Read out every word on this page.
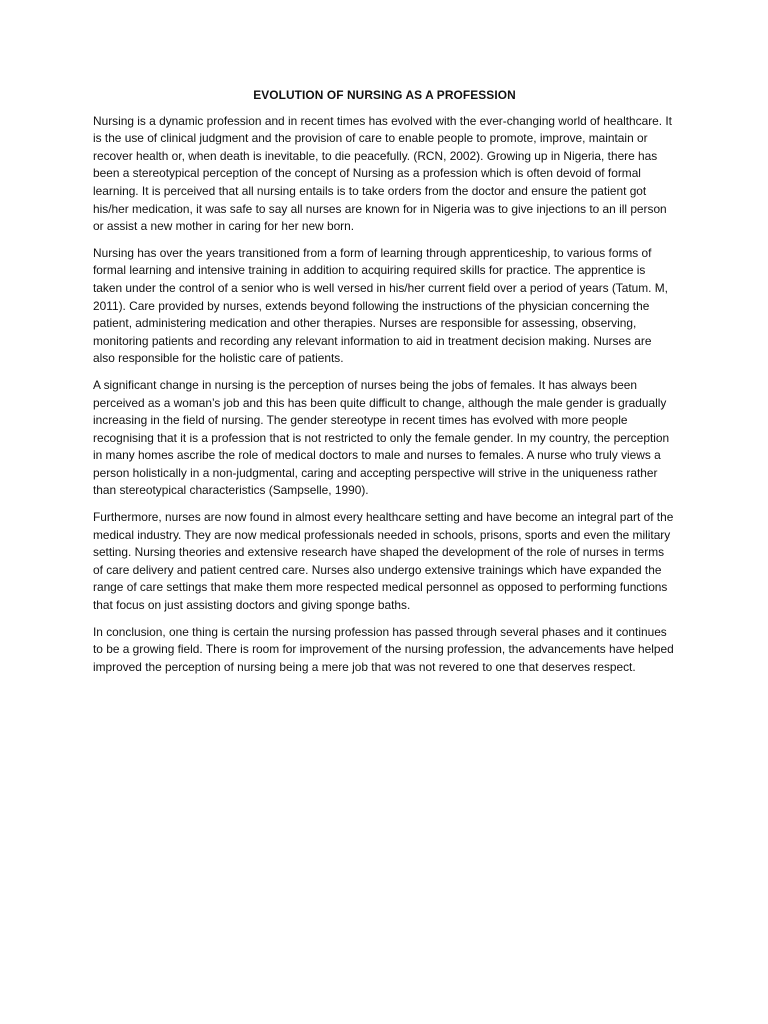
EVOLUTION OF NURSING AS A PROFESSION

Nursing is a dynamic profession and in recent times has evolved with the ever-changing world of healthcare. It is the use of clinical judgment and the provision of care to enable people to promote, improve, maintain or recover health or, when death is inevitable, to die peacefully. (RCN, 2002). Growing up in Nigeria, there has been a stereotypical perception of the concept of Nursing as a profession which is often devoid of formal learning. It is perceived that all nursing entails is to take orders from the doctor and ensure the patient got his/her medication, it was safe to say all nurses are known for in Nigeria was to give injections to an ill person or assist a new mother in caring for her new born.

Nursing has over the years transitioned from a form of learning through apprenticeship, to various forms of formal learning and intensive training in addition to acquiring required skills for practice. The apprentice is taken under the control of a senior who is well versed in his/her current field over a period of years (Tatum. M, 2011). Care provided by nurses, extends beyond following the instructions of the physician concerning the patient, administering medication and other therapies. Nurses are responsible for assessing, observing, monitoring patients and recording any relevant information to aid in treatment decision making. Nurses are also responsible for the holistic care of patients.

A significant change in nursing is the perception of nurses being the jobs of females. It has always been perceived as a woman’s job and this has been quite difficult to change, although the male gender is gradually increasing in the field of nursing. The gender stereotype in recent times has evolved with more people recognising that it is a profession that is not restricted to only the female gender. In my country, the perception in many homes ascribe the role of medical doctors to male and nurses to females. A nurse who truly views a person holistically in a non-judgmental, caring and accepting perspective will strive in the uniqueness rather than stereotypical characteristics (Sampselle, 1990).

Furthermore, nurses are now found in almost every healthcare setting and have become an integral part of the medical industry. They are now medical professionals needed in schools, prisons, sports and even the military setting. Nursing theories and extensive research have shaped the development of the role of nurses in terms of care delivery and patient centred care. Nurses also undergo extensive trainings which have expanded the range of care settings that make them more respected medical personnel as opposed to performing functions that focus on just assisting doctors and giving sponge baths.

In conclusion, one thing is certain the nursing profession has passed through several phases and it continues to be a growing field. There is room for improvement of the nursing profession, the advancements have helped improved the perception of nursing being a mere job that was not revered to one that deserves respect.
